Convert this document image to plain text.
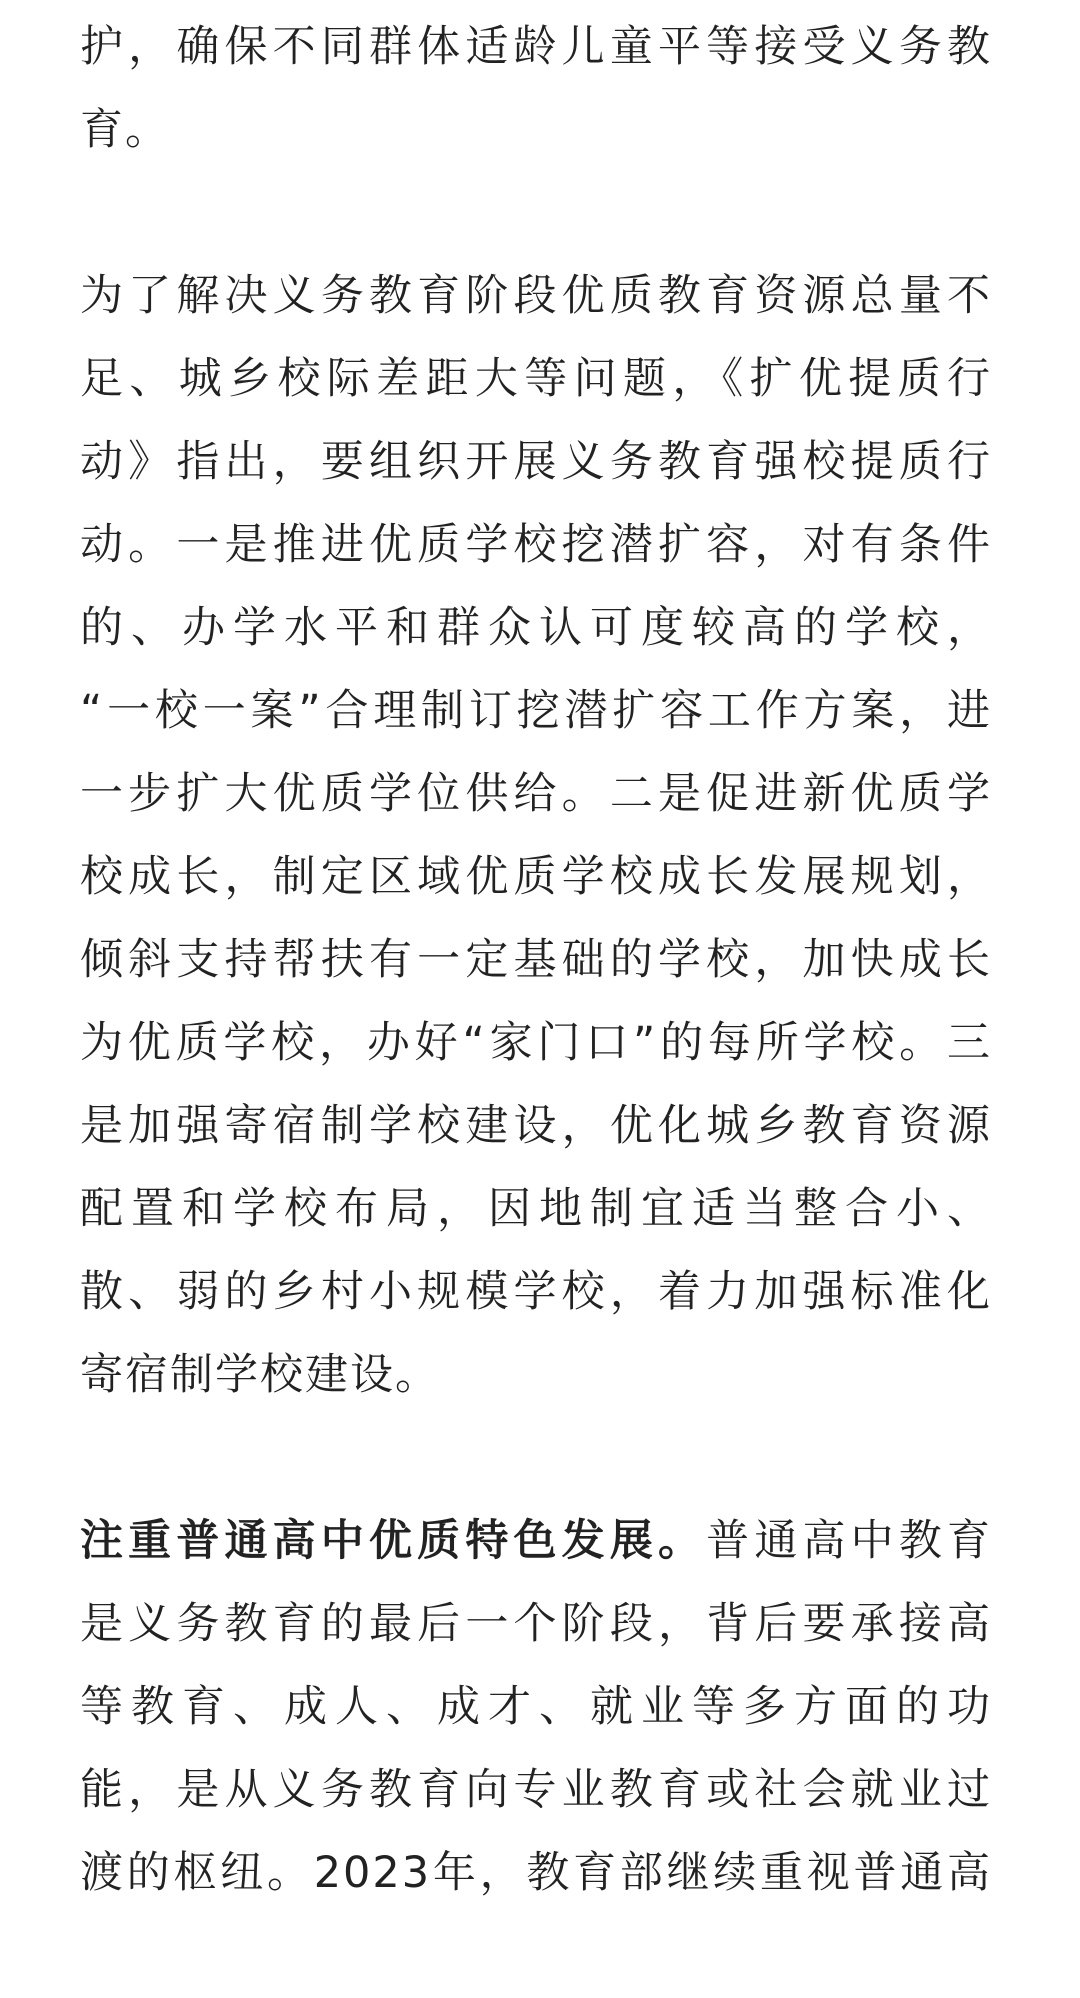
护，确保不同群体适龄儿童平等接受义务教
育。
为了解决义务教育阶段优质教育资源总量不
足、城乡校际差距大等问题，《扩优提质行
动》指出，要组织开展义务教育强校提质行
动。一是推进优质学校挖潜扩容，对有条件
的、办学水平和群众认可度较高的学校，
“一校一案”合理制订挖潜扩容工作方案，进
一步扩大优质学位供给。二是促进新优质学
校成长，制定区域优质学校成长发展规划，
倾斜支持帮扶有一定基础的学校，加快成长
为优质学校，办好“家门口”的每所学校。三
是加强寄宿制学校建设，优化城乡教育资源
配置和学校布局，因地制宜适当整合小、
散、弱的乡村小规模学校，着力加强标准化
寄宿制学校建设。
注重普通高中优质特色发展。普通高中教育
是义务教育的最后一个阶段，背后要承接高
等教育、成人、成才、就业等多方面的功
能，是从义务教育向专业教育或社会就业过
渡的枢纽。2023年，教育部继续重视普通高
